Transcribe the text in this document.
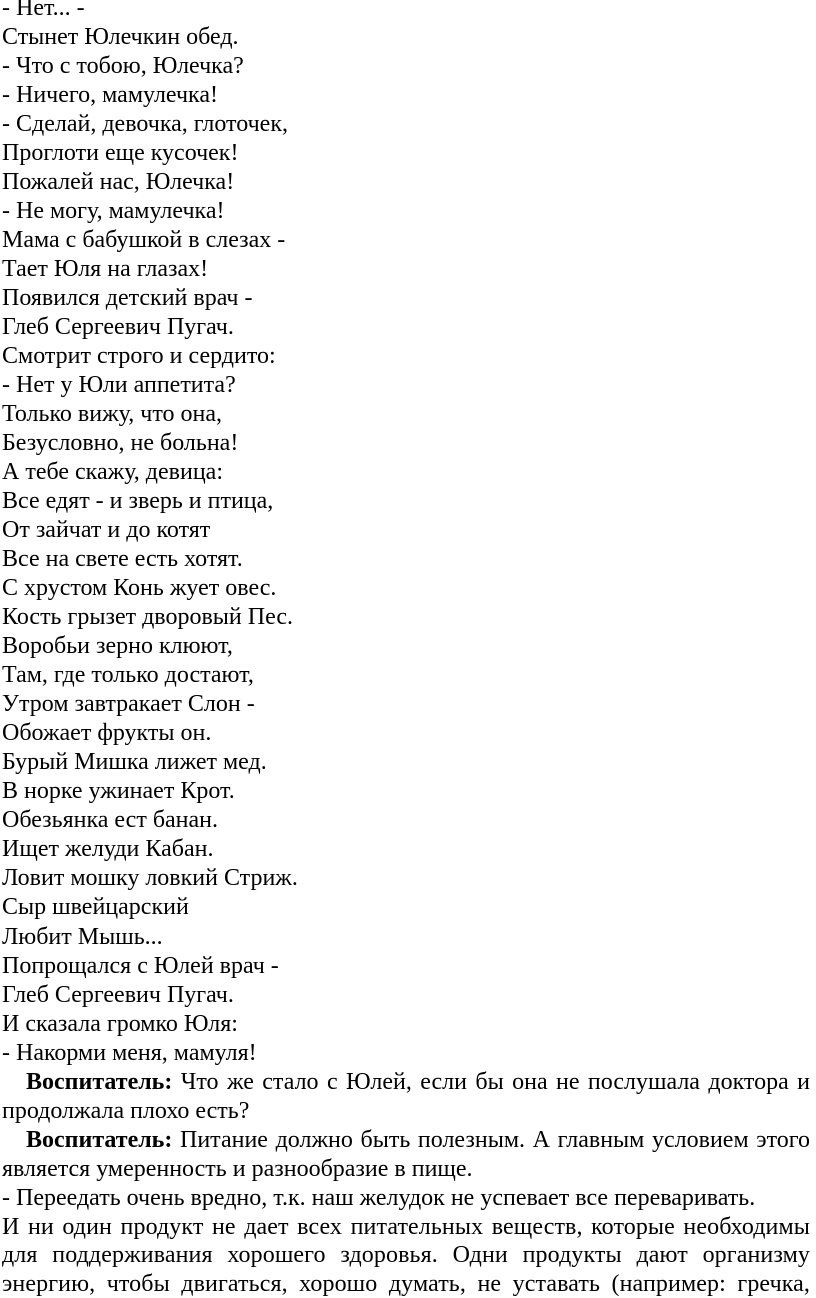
- Нет... -
Стынет Юлечкин обед.
- Что с тобою, Юлечка?
- Ничего, мамулечка!
- Сделай, девочка, глоточек,
Проглоти еще кусочек!
Пожалей нас, Юлечка!
- Не могу, мамулечка!
Мама с бабушкой в слезах -
Тает Юля на глазах!
Появился детский врач -
Глеб Сергеевич Пугач.
Смотрит строго и сердито:
- Нет у Юли аппетита?
Только вижу, что она,
Безусловно, не больна!
А тебе скажу, девица:
Все едят - и зверь и птица,
От зайчат и до котят
Все на свете есть хотят.
С хрустом Конь жует овес.
Кость грызет дворовый Пес.
Воробьи зерно клюют,
Там, где только достают,
Утром завтракает Слон -
Обожает фрукты он.
Бурый Мишка лижет мед.
В норке ужинает Крот.
Обезьянка ест банан.
Ищет желуди Кабан.
Ловит мошку ловкий Стриж.
Сыр швейцарский
Любит Мышь...
Попрощался с Юлей врач -
Глеб Сергеевич Пугач.
И сказала громко Юля:
- Накорми меня, мамуля!

Воспитатель: Что же стало с Юлей, если бы она не послушала доктора и продолжала плохо есть?

Воспитатель: Питание должно быть полезным. А главным условием этого является умеренность и разнообразие в пище.

- Переедать очень вредно, т.к. наш желудок не успевает все переваривать.
И ни один продукт не дает всех питательных веществ, которые необходимы
для поддерживания хорошего здоровья. Одни продукты дают организму
энергию, чтобы двигаться, хорошо думать, не уставать (например: гречка,
